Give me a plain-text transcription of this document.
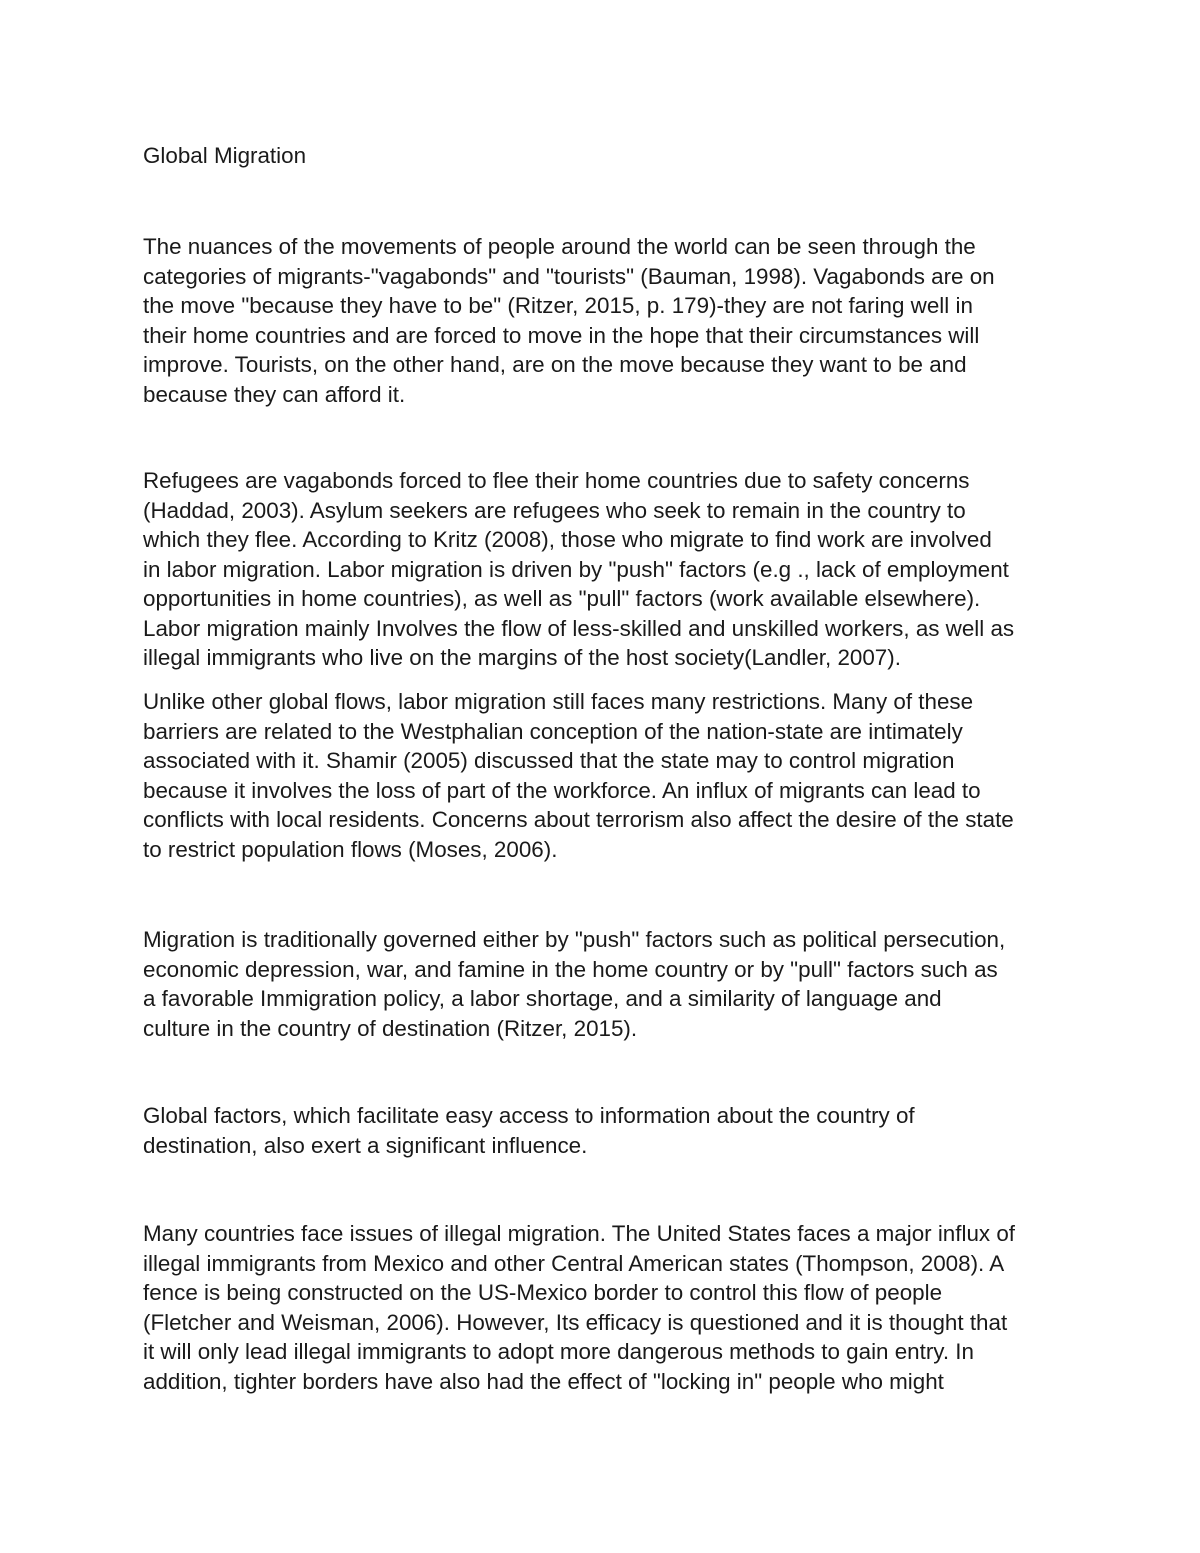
Global Migration

The nuances of the movements of people around the world can be seen through the
categories of migrants-"vagabonds" and "tourists" (Bauman, 1998). Vagabonds are on
the move "because they have to be" (Ritzer, 2015, p. 179)-they are not faring well in
their home countries and are forced to move in the hope that their circumstances will
improve. Tourists, on the other hand, are on the move because they want to be and
because they can afford it.

Refugees are vagabonds forced to flee their home countries due to safety concerns
(Haddad, 2003). Asylum seekers are refugees who seek to remain in the country to
which they flee. According to Kritz (2008), those who migrate to find work are involved
in labor migration. Labor migration is driven by "push" factors (e.g ., lack of employment
opportunities in home countries), as well as "pull" factors (work available elsewhere).
Labor migration mainly Involves the flow of less-skilled and unskilled workers, as well as
illegal immigrants who live on the margins of the host society(Landler, 2007).

Unlike other global flows, labor migration still faces many restrictions. Many of these
barriers are related to the Westphalian conception of the nation-state are intimately
associated with it. Shamir (2005) discussed that the state may to control migration
because it involves the loss of part of the workforce. An influx of migrants can lead to
conflicts with local residents. Concerns about terrorism also affect the desire of the state
to restrict population flows (Moses, 2006).

Migration is traditionally governed either by "push" factors such as political persecution,
economic depression, war, and famine in the home country or by "pull" factors such as
a favorable Immigration policy, a labor shortage, and a similarity of language and
culture in the country of destination (Ritzer, 2015).

Global factors, which facilitate easy access to information about the country of
destination, also exert a significant influence.

Many countries face issues of illegal migration. The United States faces a major influx of
illegal immigrants from Mexico and other Central American states (Thompson, 2008). A
fence is being constructed on the US-Mexico border to control this flow of people
(Fletcher and Weisman, 2006). However, Its efficacy is questioned and it is thought that
it will only lead illegal immigrants to adopt more dangerous methods to gain entry. In
addition, tighter borders have also had the effect of "locking in" people who might
